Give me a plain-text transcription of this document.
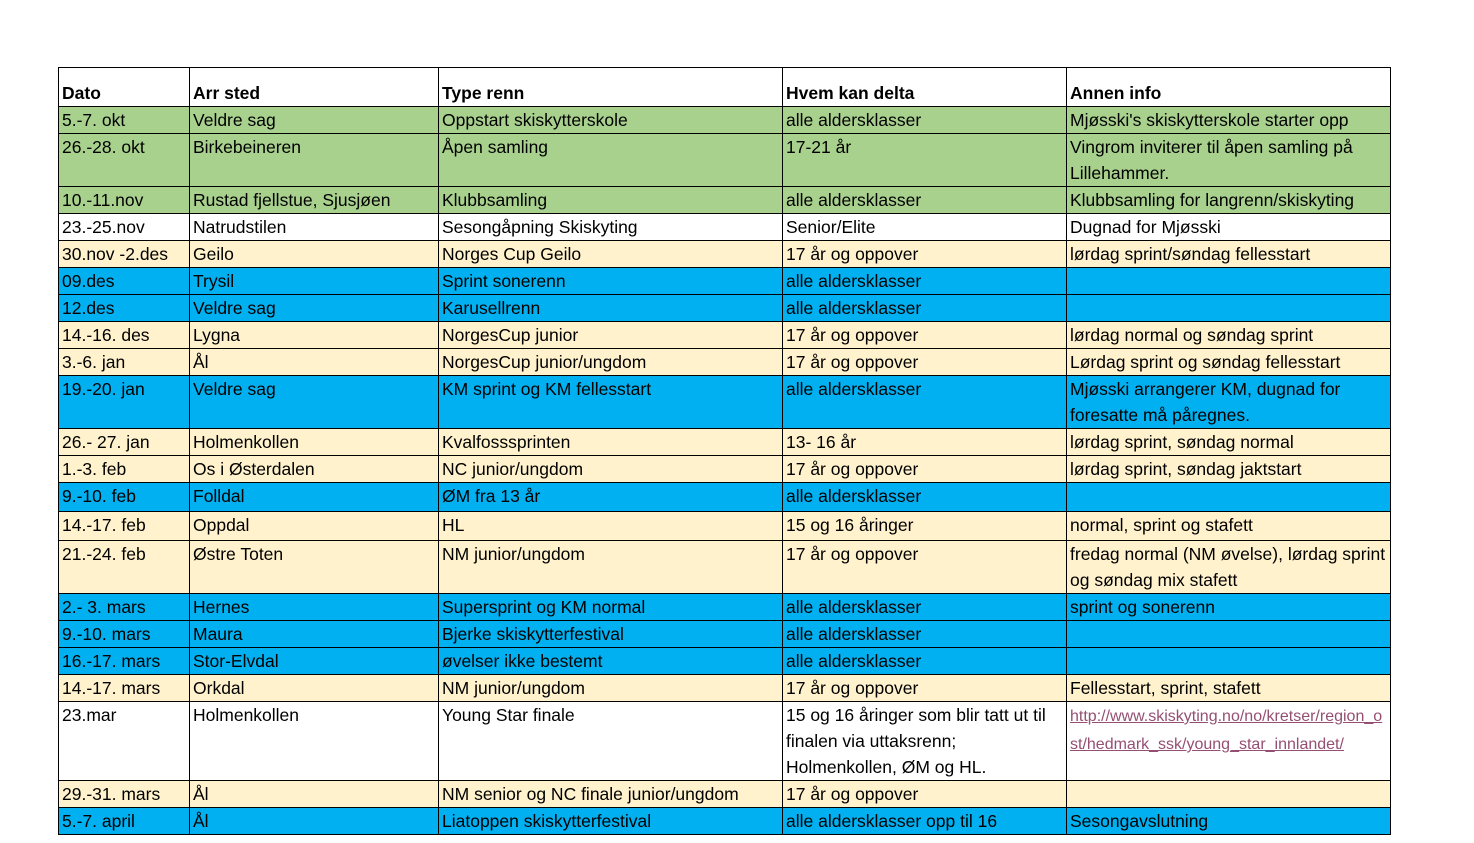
Dato	Arr sted	Type renn	Hvem kan delta	Annen info
5.-7. okt	Veldre sag	Oppstart skiskytterskole	alle aldersklasser	Mjøsski's skiskytterskole starter opp
26.-28. okt	Birkebeineren	Åpen samling	17-21 år	Vingrom inviterer til åpen samling på Lillehammer.
10.-11.nov	Rustad fjellstue, Sjusjøen	Klubbsamling	alle aldersklasser	Klubbsamling for langrenn/skiskyting
23.-25.nov	Natrudstilen	Sesongåpning Skiskyting	Senior/Elite	Dugnad for Mjøsski
30.nov -2.des	Geilo	Norges Cup Geilo	17 år og oppover	lørdag sprint/søndag fellesstart
09.des	Trysil	Sprint sonerenn	alle aldersklasser	
12.des	Veldre sag	Karusellrenn	alle aldersklasser	
14.-16. des	Lygna	NorgesCup junior	17 år og oppover	lørdag normal og søndag sprint
3.-6. jan	Ål	NorgesCup junior/ungdom	17 år og oppover	Lørdag sprint og søndag fellesstart
19.-20. jan	Veldre sag	KM sprint og KM fellesstart	alle aldersklasser	Mjøsski arrangerer KM, dugnad for foresatte må påregnes.
26.- 27. jan	Holmenkollen	Kvalfosssprinten	13- 16 år	lørdag sprint, søndag normal
1.-3. feb	Os i Østerdalen	NC junior/ungdom	17 år og oppover	lørdag sprint, søndag jaktstart
9.-10. feb	Folldal	ØM fra 13 år	alle aldersklasser	
14.-17. feb	Oppdal	HL	15 og 16 åringer	normal, sprint og stafett
21.-24. feb	Østre Toten	NM junior/ungdom	17 år og oppover	fredag normal (NM øvelse), lørdag sprint og søndag mix stafett
2.- 3. mars	Hernes	Supersprint og KM normal	alle aldersklasser	sprint og sonerenn
9.-10. mars	Maura	Bjerke skiskytterfestival	alle aldersklasser	
16.-17. mars	Stor-Elvdal	øvelser ikke bestemt	alle aldersklasser	
14.-17. mars	Orkdal	NM junior/ungdom	17 år og oppover	Fellesstart, sprint, stafett
23.mar	Holmenkollen	Young Star finale	15 og 16 åringer som blir tatt ut til finalen via uttaksrenn; Holmenkollen, ØM og HL.	http://www.skiskyting.no/no/kretser/region_ost/hedmark_ssk/young_star_innlandet/
29.-31. mars	Ål	NM senior og NC finale junior/ungdom	17 år og oppover	
5.-7. april	Ål	Liatoppen skiskytterfestival	alle aldersklasser opp til 16	Sesongavslutning
